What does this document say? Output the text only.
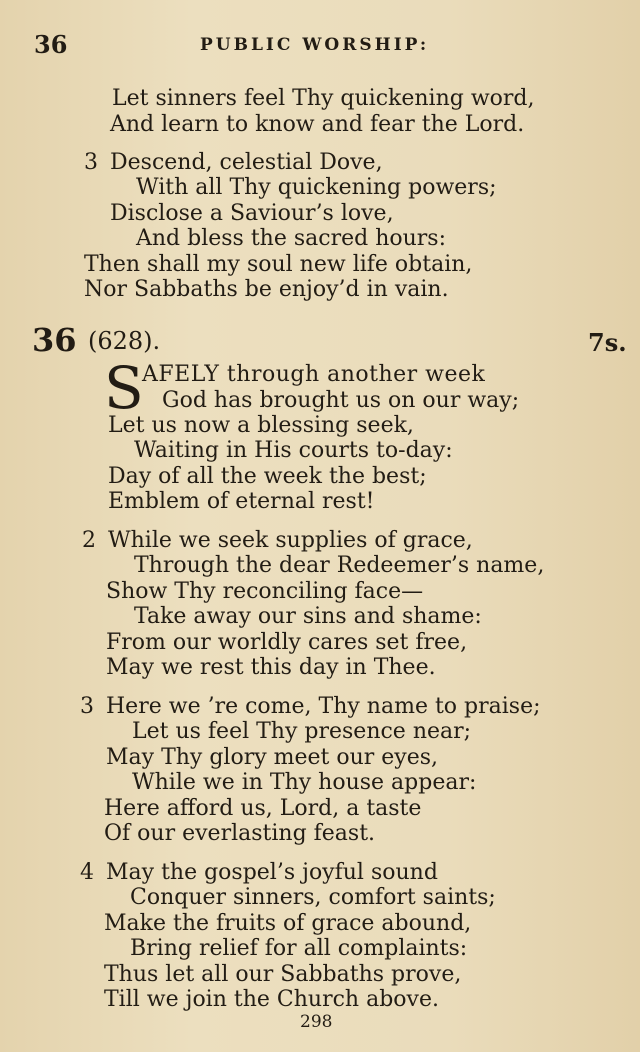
36	PUBLIC WORSHIP:
Let sinners feel Thy quickening word,
And learn to know and fear the Lord.
3 Descend, celestial Dove,
With all Thy quickening powers;
Disclose a Saviour’s love,
And bless the sacred hours:
Then shall my soul new life obtain,
Nor Sabbaths be enjoy’d in vain.
36 (628).	7s.
S
AFELY through another week
God has brought us on our way;
Let us now a blessing seek,
Waiting in His courts to-day:
Day of all the week the best;
Emblem of eternal rest!
2 While we seek supplies of grace,
Through the dear Redeemer’s name,
Show Thy reconciling face—
Take away our sins and shame:
From our worldly cares set free,
May we rest this day in Thee.
3 Here we ’re come, Thy name to praise;
Let us feel Thy presence near;
May Thy glory meet our eyes,
While we in Thy house appear:
Here afford us, Lord, a taste
Of our everlasting feast.
4 May the gospel’s joyful sound
Conquer sinners, comfort saints;
Make the fruits of grace abound,
Bring relief for all complaints:
Thus let all our Sabbaths prove,
Till we join the Church above.
298
